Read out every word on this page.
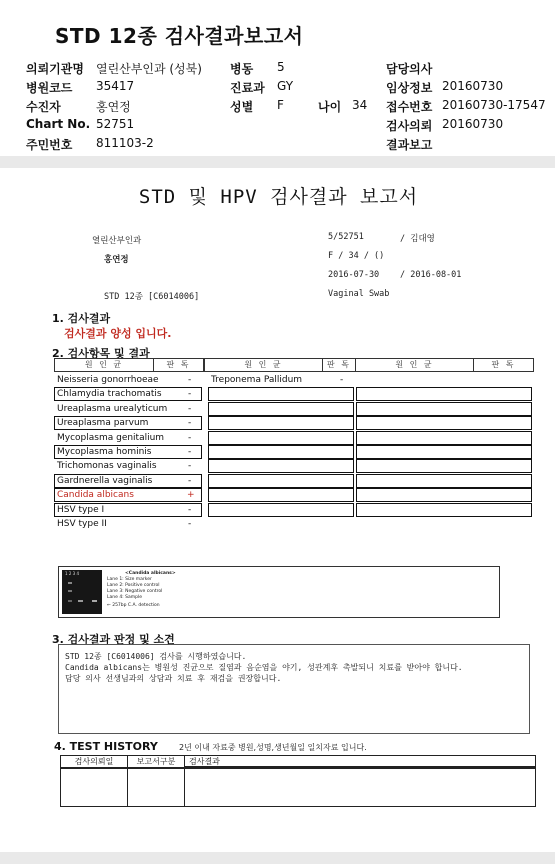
STD 12종 검사결과보고서
의뢰기관명 열린산부인과 (성북)
병원코드 35417
수진자	홍연정
Chart No. 52751
주민번호 811103-2
병동 5
진료과 GY
성별 F	나이 34
담당의사
임상정보 20160730
접수번호 20160730-17547
검사의뢰 20160730
결과보고
STD 및 HPV 검사결과 보고서
열린산부인과	5/52751	/ 김대영
홍연정	F / 34 / ()
2016-07-30 / 2016-08-01
STD 12종 [C6014006]	Vaginal Swab
1. 검사결과
검사결과 양성 입니다.
2. 검사항목 및 결과
원 인 균	판 독	원 인 균	판 독	원 인 균	판 독
Neisseria gonorrhoeae	-
Chlamydia trachomatis	-
Ureaplasma urealyticum -
Ureaplasma parvum	-
Mycoplasma genitalium	-
Mycoplasma hominis	-
Trichomonas vaginalis	-
Gardnerella vaginalis	-
Candida albicans	+
HSV type I	-
HSV type II	-
Treponema Pallidum	-
1 2 3 4	<Candida albicans>
Lane 1: Size marker
Lane 2: Positive control
Lane 3: Negative control
Lane 4: Sample
← 257bp C.A. detection
3. 검사결과 판정 및 소견
STD 12종 [C6014006] 검사를 시행하였습니다.
Candida albicans는 병원성 진균으로 질염과 음순염을 야기, 성관계후 촉발되니 치료를 받아야 합니다.
담당 의사 선생님과의 상담과 치료 후 재검을 권장합니다.
4. TEST HISTORY	2년 이내 자료중 병원,성명,생년월일 일치자료 입니다.
검사의뢰일	보고서구분	검사결과
